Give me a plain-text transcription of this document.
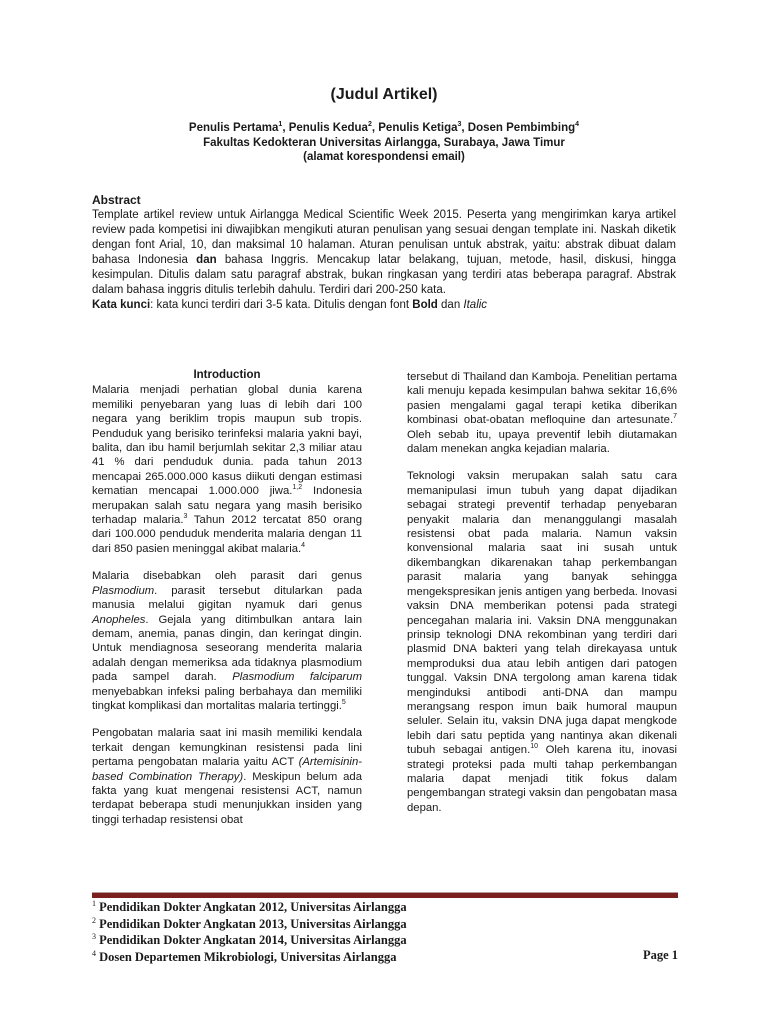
(Judul Artikel)
Penulis Pertama$^1$, Penulis Kedua$^2$, Penulis Ketiga$^3$, Dosen Pembimbing$^4$
Fakultas Kedokteran Universitas Airlangga, Surabaya, Jawa Timur
(alamat korespondensi email)
Abstract
Template artikel review untuk Airlangga Medical Scientific Week 2015. Peserta yang mengirimkan karya artikel review pada kompetisi ini diwajibkan mengikuti aturan penulisan yang sesuai dengan template ini. Naskah diketik dengan font Arial, 10, dan maksimal 10 halaman. Aturan penulisan untuk abstrak, yaitu: abstrak dibuat dalam bahasa Indonesia dan bahasa Inggris. Mencakup latar belakang, tujuan, metode, hasil, diskusi, hingga kesimpulan. Ditulis dalam satu paragraf abstrak, bukan ringkasan yang terdiri atas beberapa paragraf. Abstrak dalam bahasa inggris ditulis terlebih dahulu. Terdiri dari 200-250 kata.
Kata kunci: kata kunci terdiri dari 3-5 kata. Ditulis dengan font Bold dan Italic
Introduction

Malaria menjadi perhatian global dunia karena memiliki penyebaran yang luas di lebih dari 100 negara yang beriklim tropis maupun sub tropis. Penduduk yang berisiko terinfeksi malaria yakni bayi, balita, dan ibu hamil berjumlah sekitar 2,3 miliar atau 41 % dari penduduk dunia. pada tahun 2013 mencapai 265.000.000 kasus diikuti dengan estimasi kematian mencapai 1.000.000 jiwa.$^{1,2}$ Indonesia merupakan salah satu negara yang masih berisiko terhadap malaria.$^3$ Tahun 2012 tercatat 850 orang dari 100.000 penduduk menderita malaria dengan 11 dari 850 pasien meninggal akibat malaria.$^4$

Malaria disebabkan oleh parasit dari genus Plasmodium. parasit tersebut ditularkan pada manusia melalui gigitan nyamuk dari genus Anopheles. Gejala yang ditimbulkan antara lain demam, anemia, panas dingin, dan keringat dingin. Untuk mendiagnosa seseorang menderita malaria adalah dengan memeriksa ada tidaknya plasmodium pada sampel darah. Plasmodium falciparum menyebabkan infeksi paling berbahaya dan memiliki tingkat komplikasi dan mortalitas malaria tertinggi.$^5$

Pengobatan malaria saat ini masih memiliki kendala terkait dengan kemungkinan resistensi pada lini pertama pengobatan malaria yaitu ACT (Artemisinin-based Combination Therapy). Meskipun belum ada fakta yang kuat mengenai resistensi ACT, namun terdapat beberapa studi menunjukkan insiden yang tinggi terhadap resistensi obat

tersebut di Thailand dan Kamboja. Penelitian pertama kali menuju kepada kesimpulan bahwa sekitar 16,6% pasien mengalami gagal terapi ketika diberikan kombinasi obat-obatan mefloquine dan artesunate.$^7$ Oleh sebab itu, upaya preventif lebih diutamakan dalam menekan angka kejadian malaria.

Teknologi vaksin merupakan salah satu cara memanipulasi imun tubuh yang dapat dijadikan sebagai strategi preventif terhadap penyebaran penyakit malaria dan menanggulangi masalah resistensi obat pada malaria. Namun vaksin konvensional malaria saat ini susah untuk dikembangkan dikarenakan tahap perkembangan parasit malaria yang banyak sehingga mengekspresikan jenis antigen yang berbeda. Inovasi vaksin DNA memberikan potensi pada strategi pencegahan malaria ini. Vaksin DNA menggunakan prinsip teknologi DNA rekombinan yang terdiri dari plasmid DNA bakteri yang telah direkayasa untuk memproduksi dua atau lebih antigen dari patogen tunggal. Vaksin DNA tergolong aman karena tidak menginduksi antibodi anti-DNA dan mampu merangsang respon imun baik humoral maupun seluler. Selain itu, vaksin DNA juga dapat mengkode lebih dari satu peptida yang nantinya akan dikenali tubuh sebagai antigen.$^{10}$ Oleh karena itu, inovasi strategi proteksi pada multi tahap perkembangan malaria dapat menjadi titik fokus dalam pengembangan strategi vaksin dan pengobatan masa depan.

$^1$ Pendidikan Dokter Angkatan 2012, Universitas Airlangga
$^2$ Pendidikan Dokter Angkatan 2013, Universitas Airlangga
$^3$ Pendidikan Dokter Angkatan 2014, Universitas Airlangga
$^4$ Dosen Departemen Mikrobiologi, Universitas Airlangga	Page 1
